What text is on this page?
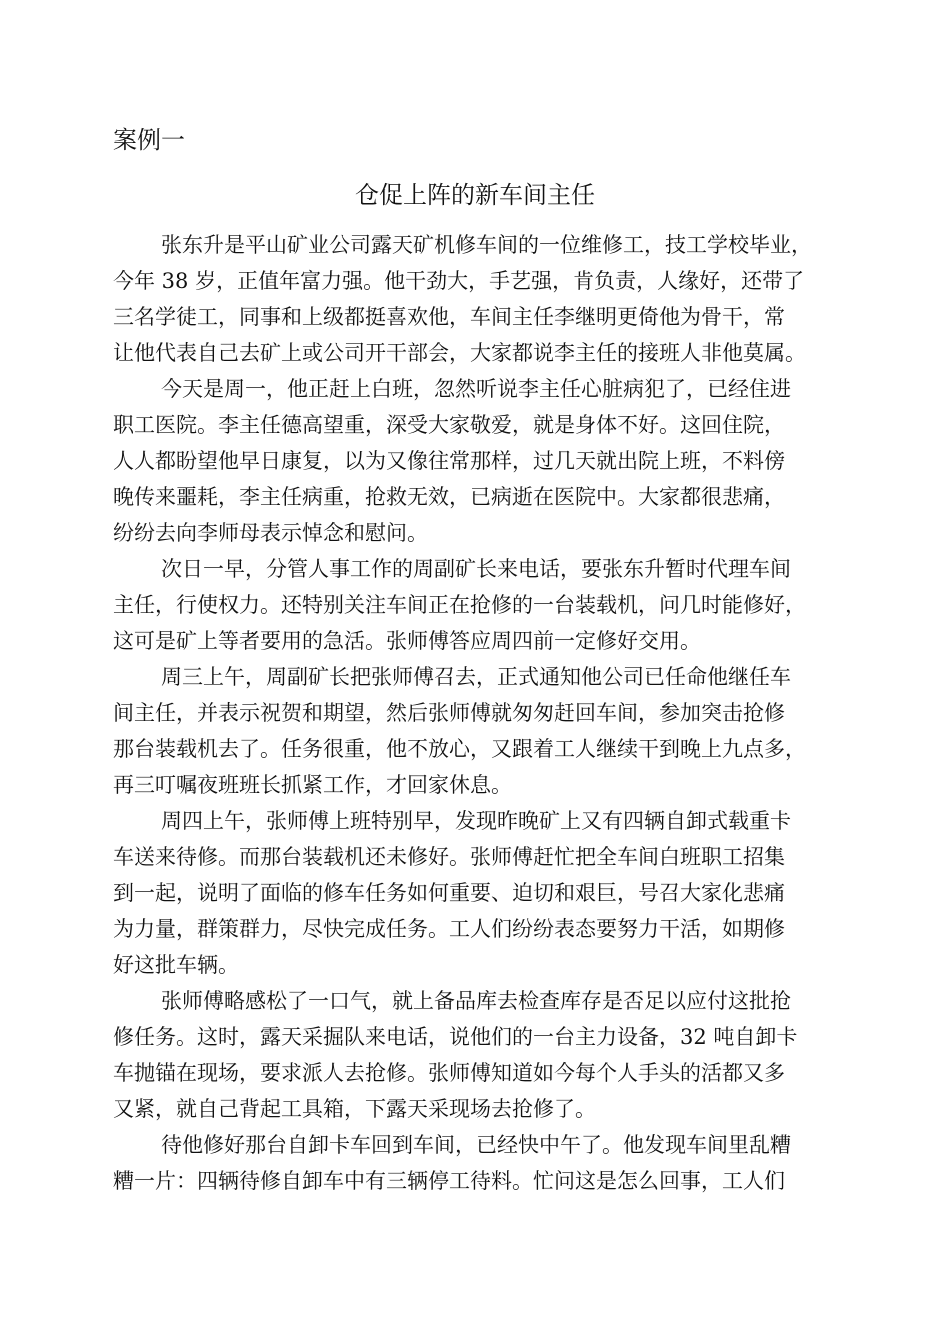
案例一
仓促上阵的新车间主任

张东升是平山矿业公司露天矿机修车间的一位维修工，技工学校毕业，
今年 38 岁，正值年富力强。他干劲大，手艺强，肯负责，人缘好，还带了
三名学徒工，同事和上级都挺喜欢他，车间主任李继明更倚他为骨干，常
让他代表自己去矿上或公司开干部会，大家都说李主任的接班人非他莫属。

今天是周一，他正赶上白班，忽然听说李主任心脏病犯了，已经住进
职工医院。李主任德高望重，深受大家敬爱，就是身体不好。这回住院，
人人都盼望他早日康复，以为又像往常那样，过几天就出院上班，不料傍
晚传来噩耗，李主任病重，抢救无效，已病逝在医院中。大家都很悲痛，
纷纷去向李师母表示悼念和慰问。

次日一早，分管人事工作的周副矿长来电话，要张东升暂时代理车间
主任，行使权力。还特别关注车间正在抢修的一台装载机，问几时能修好，
这可是矿上等者要用的急活。张师傅答应周四前一定修好交用。

周三上午，周副矿长把张师傅召去，正式通知他公司已任命他继任车
间主任，并表示祝贺和期望，然后张师傅就匆匆赶回车间，参加突击抢修
那台装载机去了。任务很重，他不放心，又跟着工人继续干到晚上九点多，
再三叮嘱夜班班长抓紧工作，才回家休息。

周四上午，张师傅上班特别早，发现昨晚矿上又有四辆自卸式载重卡
车送来待修。而那台装载机还未修好。张师傅赶忙把全车间白班职工招集
到一起，说明了面临的修车任务如何重要、迫切和艰巨，号召大家化悲痛
为力量，群策群力，尽快完成任务。工人们纷纷表态要努力干活，如期修
好这批车辆。

张师傅略感松了一口气，就上备品库去检查库存是否足以应付这批抢
修任务。这时，露天采掘队来电话，说他们的一台主力设备，32 吨自卸卡
车抛锚在现场，要求派人去抢修。张师傅知道如今每个人手头的活都又多
又紧，就自己背起工具箱，下露天采现场去抢修了。

待他修好那台自卸卡车回到车间，已经快中午了。他发现车间里乱糟
糟一片：四辆待修自卸车中有三辆停工待料。忙问这是怎么回事，工人们
